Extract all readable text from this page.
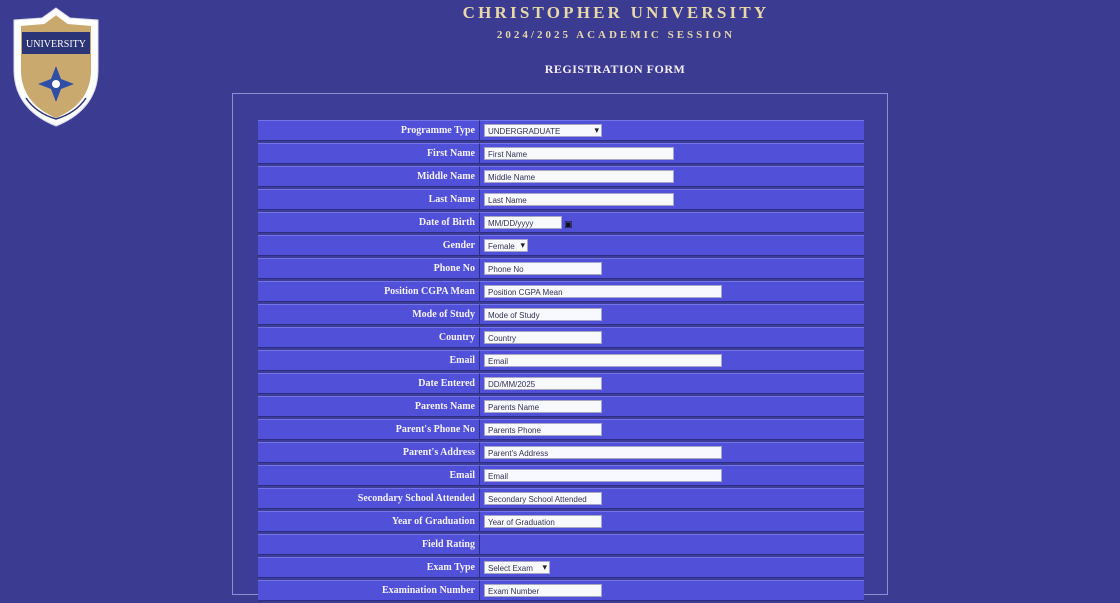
UNIVERSITY
CHRISTOPHER UNIVERSITY
2024/2025 ACADEMIC SESSION
REGISTRATION FORM
Programme Type	UNDERGRADUATE ▾
First Name	First Name
Middle Name	Middle Name
Last Name	Last Name
Date of Birth	MM/DD/yyyy ▣
Gender	Female ▾
Phone No	Phone No
Position CGPA Mean	Position CGPA Mean
Mode of Study	Mode of Study
Country	Country
Email	Email
Date Entered	DD/MM/2025
Parents Name	Parents Name
Parent's Phone No	Parents Phone
Parent's Address	Parent's Address
Email	Email
Secondary School Attended	Secondary School Attended
Year of Graduation	Year of Graduation
Field Rating	
Exam Type	Select Exam ▾
Examination Number	Exam Number
